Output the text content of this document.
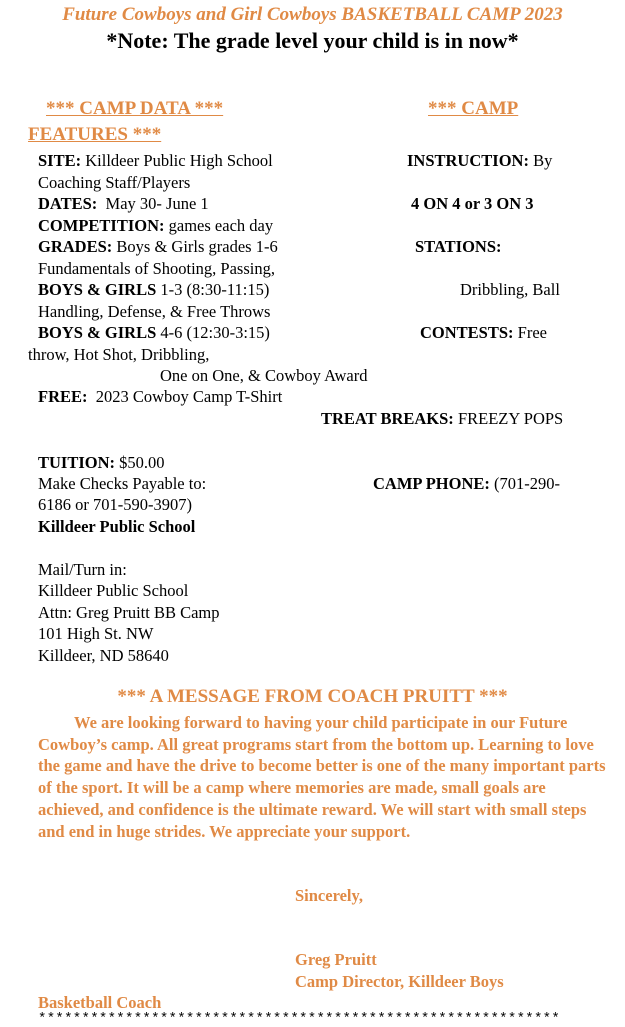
Future Cowboys and Girl Cowboys BASKETBALL CAMP 2023
*Note: The grade level your child is in now*
*** CAMP DATA ***	*** CAMP
FEATURES ***
SITE: Killdeer Public High School
Coaching Staff/Players
DATES: May 30- June 1
COMPETITION: games each day
GRADES: Boys & Girls grades 1-6
Fundamentals of Shooting, Passing,
BOYS & GIRLS 1-3 (8:30-11:15)
Handling, Defense, & Free Throws
BOYS & GIRLS 4-6 (12:30-3:15)
throw, Hot Shot, Dribbling,
One on One, & Cowboy Award
FREE: 2023 Cowboy Camp T-Shirt
INSTRUCTION: By
4 ON 4 or 3 ON 3
STATIONS:
Dribbling, Ball
CONTESTS: Free
TREAT BREAKS: FREEZY POPS
TUITION: $50.00
CAMP PHONE: (701-290-
Make Checks Payable to:
6186 or 701-590-3907)
Killdeer Public School
Mail/Turn in:
Killdeer Public School
Attn: Greg Pruitt BB Camp
101 High St. NW
Killdeer, ND 58640
*** A MESSAGE FROM COACH PRUITT ***
We are looking forward to having your child participate in our Future Cowboy’s camp. All great programs start from the bottom up. Learning to love the game and have the drive to become better is one of the many important parts of the sport. It will be a camp where memories are made, small goals are achieved, and confidence is the ultimate reward. We will start with small steps and end in huge strides. We appreciate your support.
Sincerely,
Greg Pruitt
Camp Director, Killdeer Boys
Basketball Coach
************************************************************
